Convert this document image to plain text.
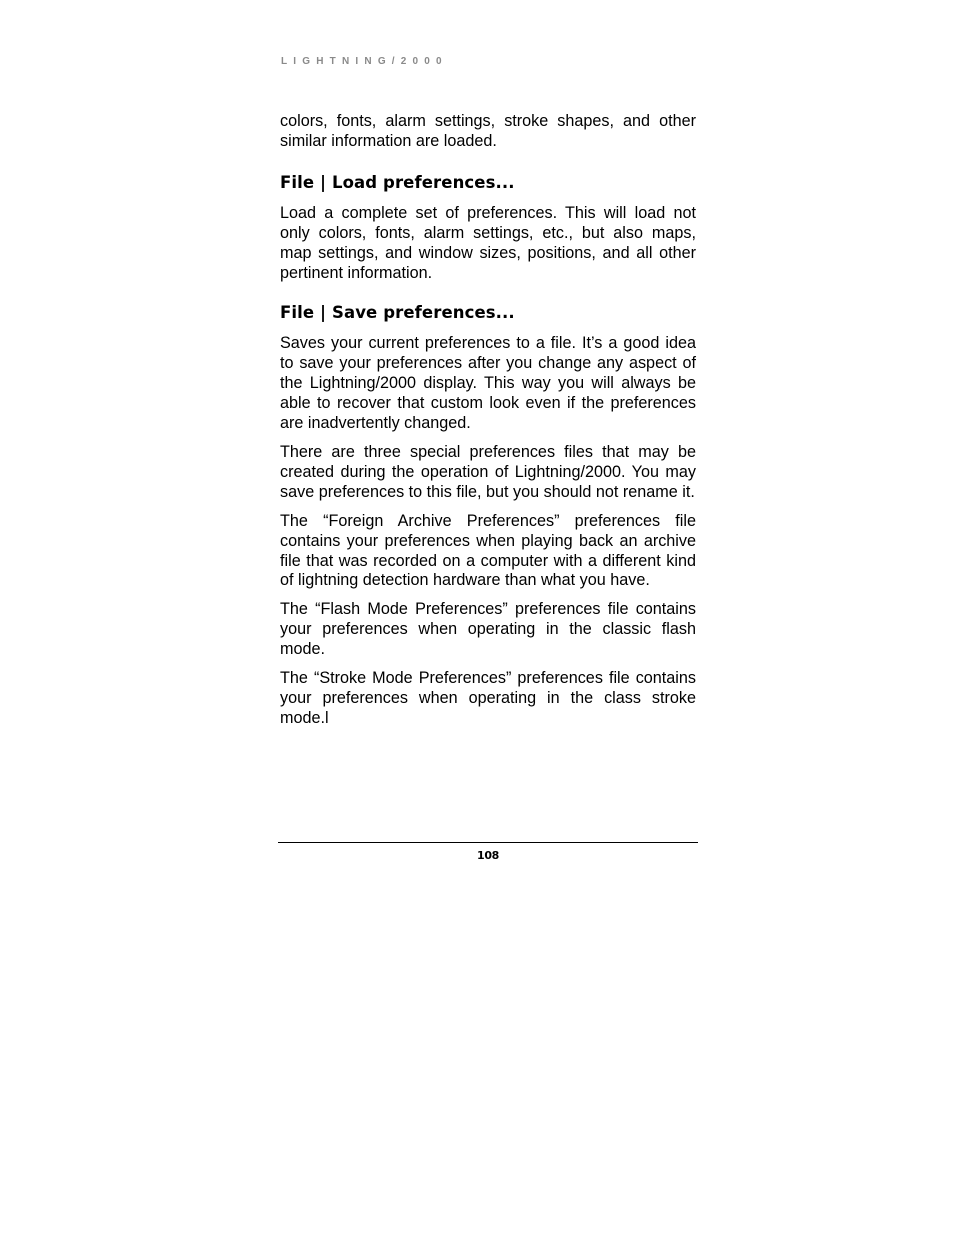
LIGHTNING/2000

colors, fonts, alarm settings, stroke shapes, and other similar information are loaded.

File | Load preferences...

Load a complete set of preferences. This will load not only colors, fonts, alarm settings, etc., but also maps, map settings, and window sizes, positions, and all other pertinent information.

File | Save preferences...

Saves your current preferences to a file. It’s a good idea to save your preferences after you change any aspect of the Lightning/2000 display. This way you will always be able to recover that custom look even if the preferences are inadvertently changed.

There are three special preferences files that may be created during the operation of Lightning/2000. You may save preferences to this file, but you should not rename it.

The “Foreign Archive Preferences” preferences file contains your preferences when playing back an archive file that was recorded on a computer with a different kind of lightning detection hardware than what you have.

The “Flash Mode Preferences” preferences file contains your preferences when operating in the classic flash mode.

The “Stroke Mode Preferences” preferences file contains your preferences when operating in the class stroke mode.l

108
